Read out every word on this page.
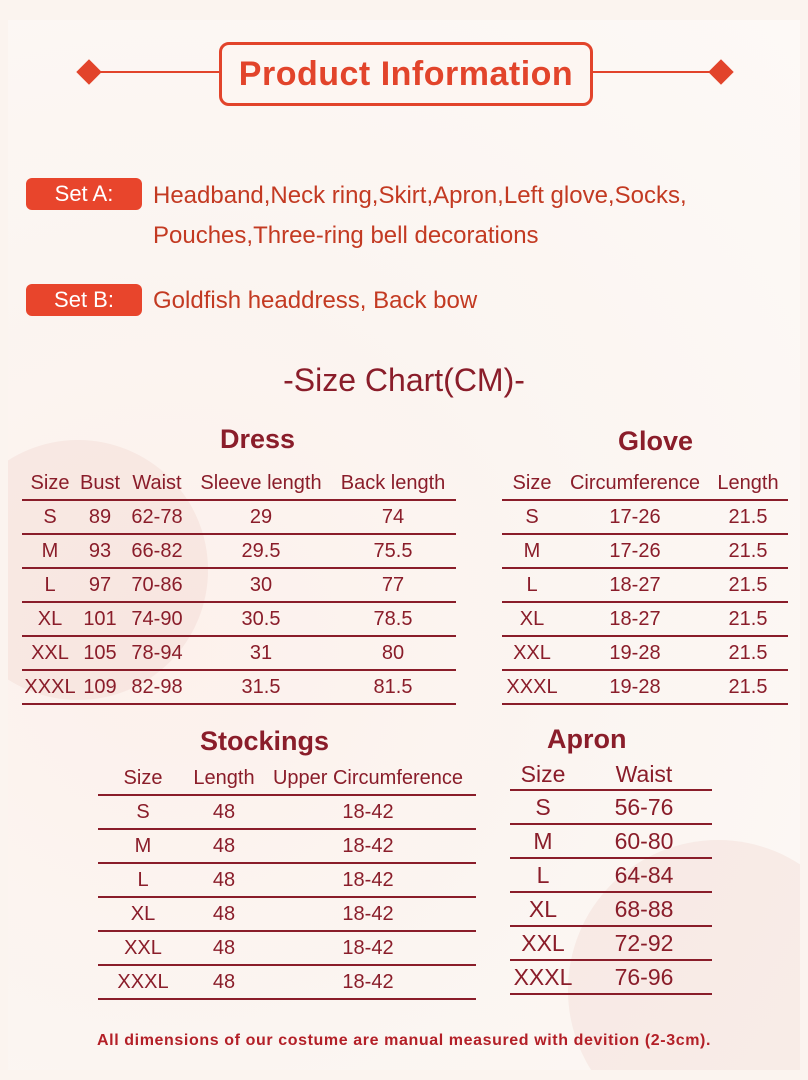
Product Information
Set A:	Headband,Neck ring,Skirt,Apron,Left glove,Socks,
Pouches,Three-ring bell decorations
Set B:	Goldfish headdress, Back bow
-Size Chart(CM)-
Dress
Size	Bust	Waist	Sleeve length	Back length
S	89	62-78	29	74
M	93	66-82	29.5	75.5
L	97	70-86	30	77
XL	101	74-90	30.5	78.5
XXL	105	78-94	31	80
XXXL	109	82-98	31.5	81.5
Glove
Size	Circumference	Length
S	17-26	21.5
M	17-26	21.5
L	18-27	21.5
XL	18-27	21.5
XXL	19-28	21.5
XXXL	19-28	21.5
Stockings
Size	Length	Upper Circumference
S	48	18-42
M	48	18-42
L	48	18-42
XL	48	18-42
XXL	48	18-42
XXXL	48	18-42
Apron
Size	Waist
S	56-76
M	60-80
L	64-84
XL	68-88
XXL	72-92
XXXL	76-96
All dimensions of our costume are manual measured with devition (2-3cm).
